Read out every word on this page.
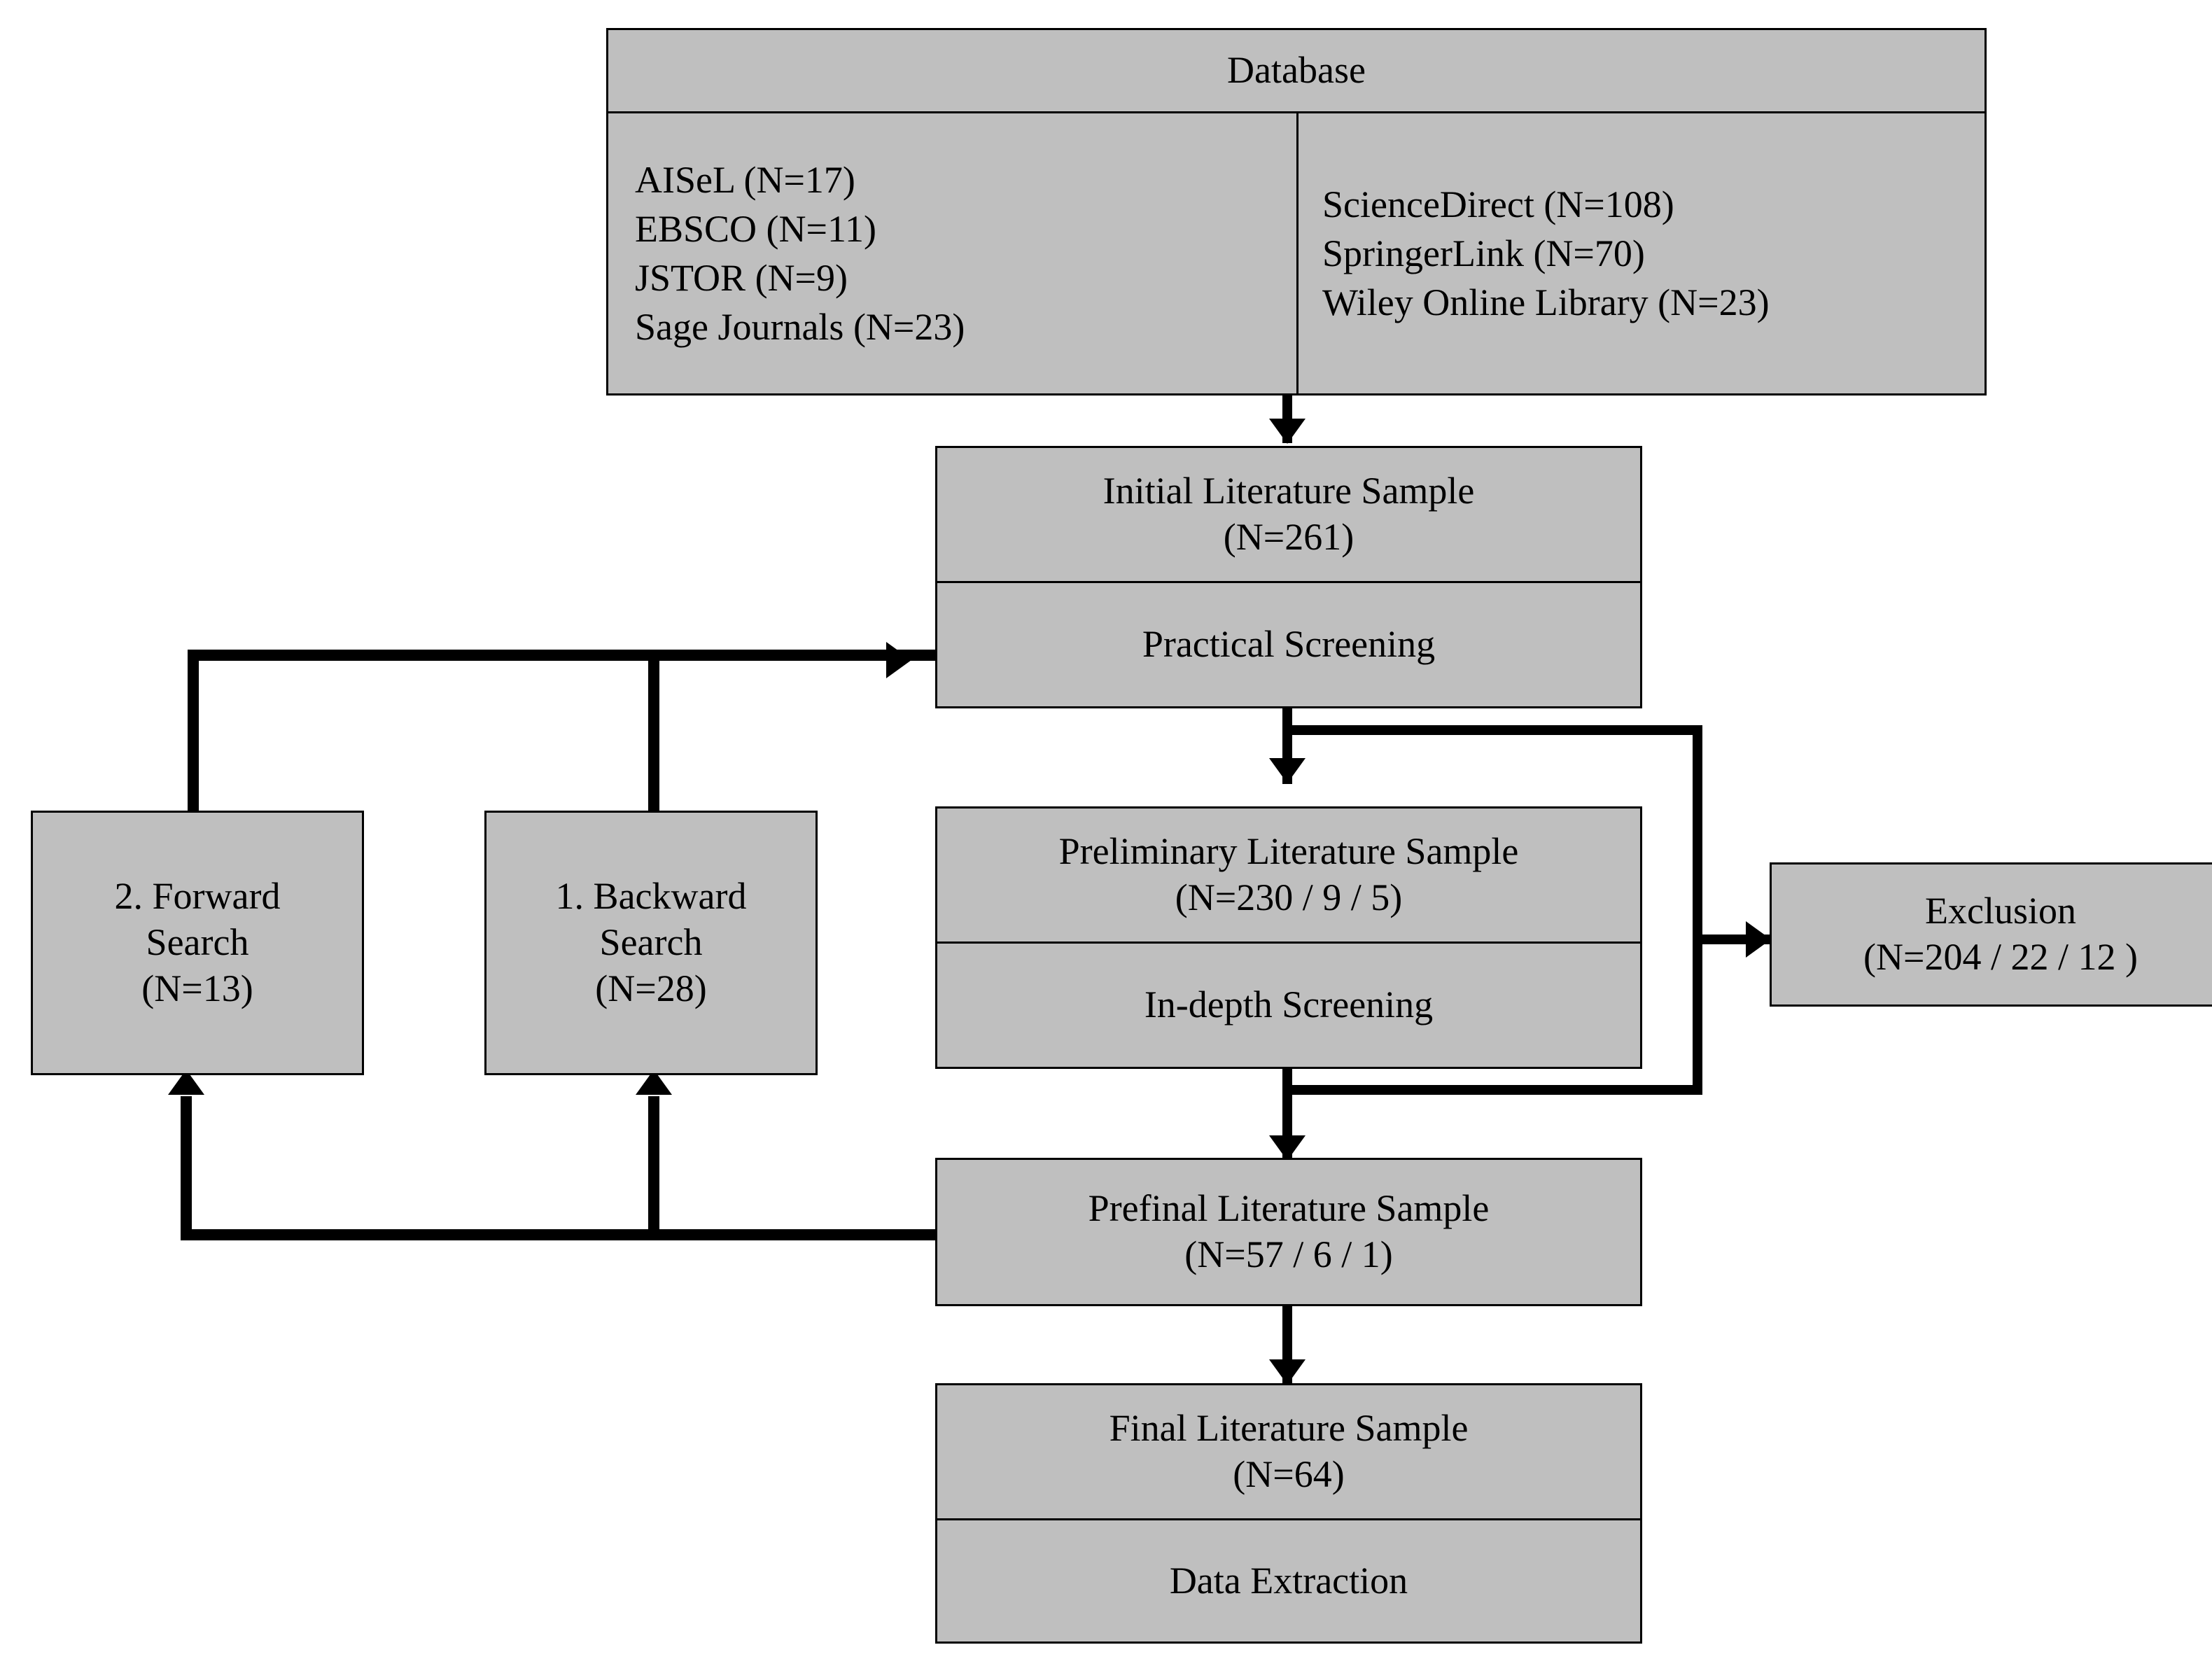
Database
AISeL (N=17)
EBSCO (N=11)
JSTOR (N=9)
Sage Journals (N=23)
ScienceDirect (N=108)
SpringerLink (N=70)
Wiley Online Library (N=23)
Initial Literature Sample
(N=261)
Practical Screening
Preliminary Literature Sample
(N=230 / 9 / 5)
In-depth Screening
Exclusion
(N=204 / 22 / 12 )
2. Forward
Search
(N=13)
1. Backward
Search
(N=28)
Prefinal Literature Sample
(N=57 / 6 / 1)
Final Literature Sample
(N=64)
Data Extraction
